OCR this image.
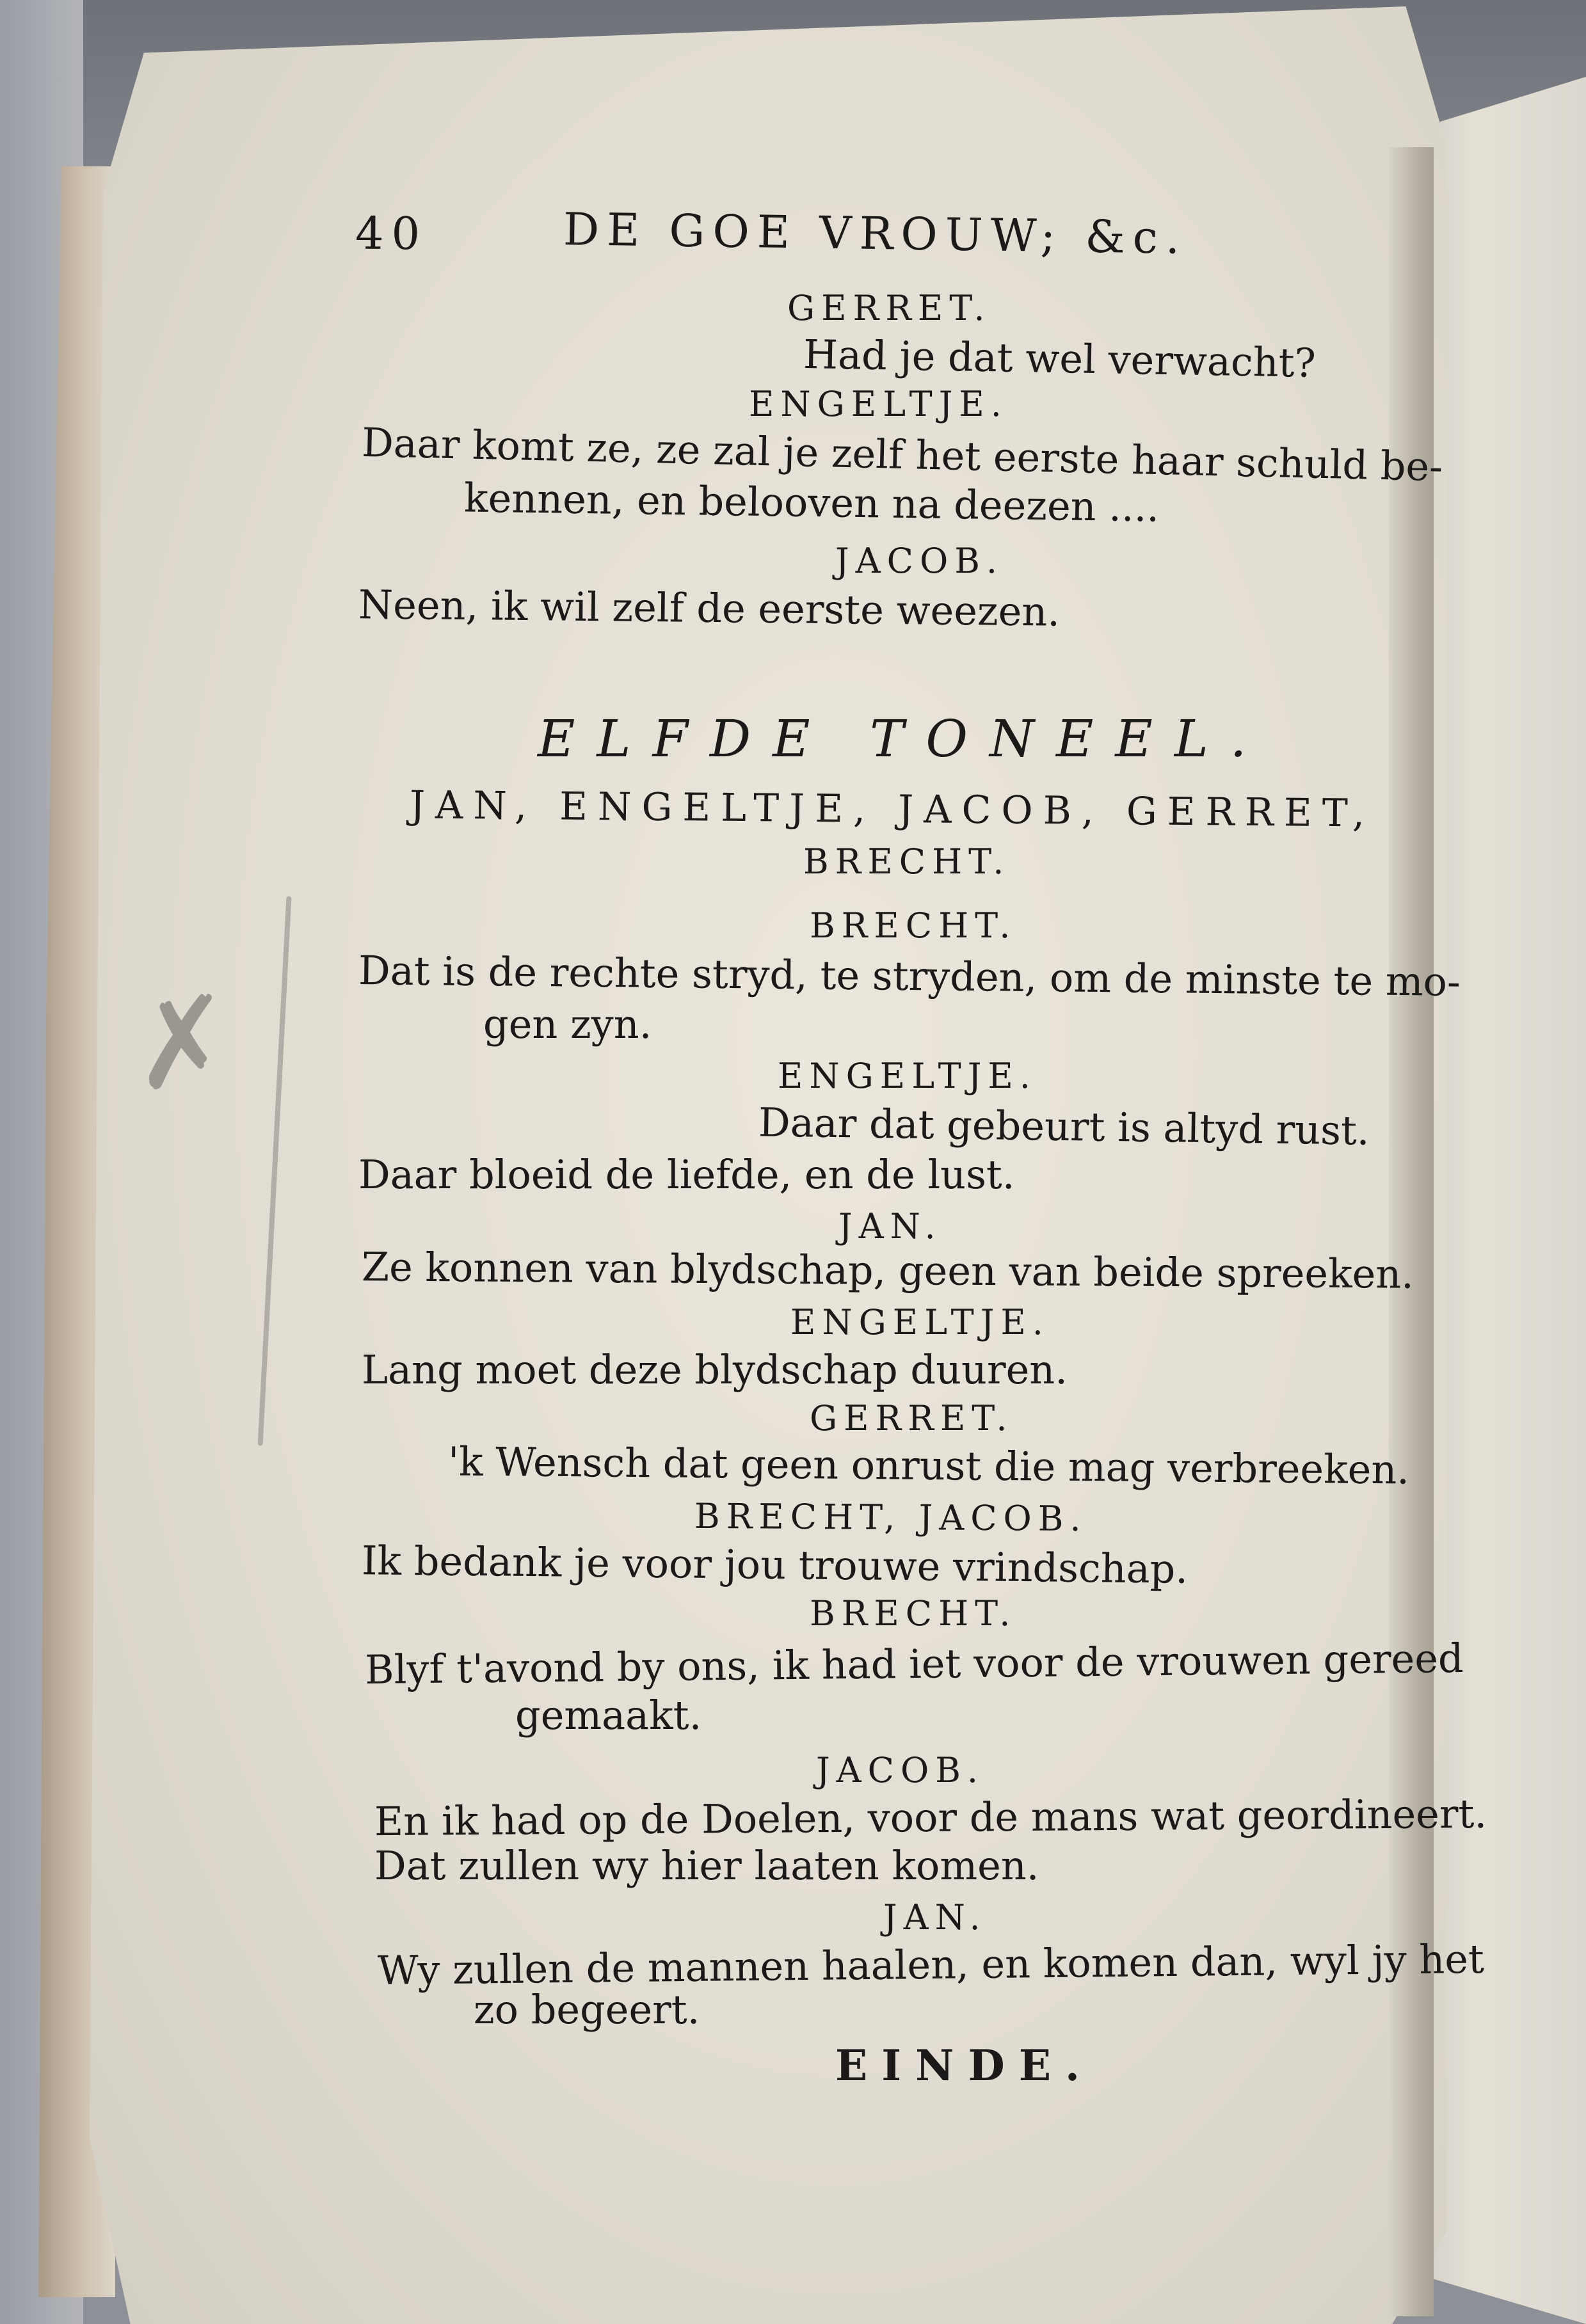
✗
40	DE GOE VROUW; &c.
GERRET.
Had je dat wel verwacht?
ENGELTJE.
Daar komt ze, ze zal je zelf het eerste haar schuld be-
kennen, en belooven na deezen ....
JACOB.
Neen, ik wil zelf de eerste weezen.
ELFDE TONEEL.
JAN, ENGELTJE, JACOB, GERRET,
BRECHT.
BRECHT.
Dat is de rechte stryd, te stryden, om de minste te mo-
gen zyn.
ENGELTJE.
Daar dat gebeurt is altyd rust.
Daar bloeid de liefde, en de lust.
JAN.
Ze konnen van blydschap, geen van beide spreeken.
ENGELTJE.
Lang moet deze blydschap duuren.
GERRET.
'k Wensch dat geen onrust die mag verbreeken.
BRECHT, JACOB.
Ik bedank je voor jou trouwe vrindschap.
BRECHT.
Blyf t'avond by ons, ik had iet voor de vrouwen gereed
gemaakt.
JACOB.
En ik had op de Doelen, voor de mans wat geordineert.
Dat zullen wy hier laaten komen.
JAN.
Wy zullen de mannen haalen, en komen dan, wyl jy het
zo begeert.
EINDE.
